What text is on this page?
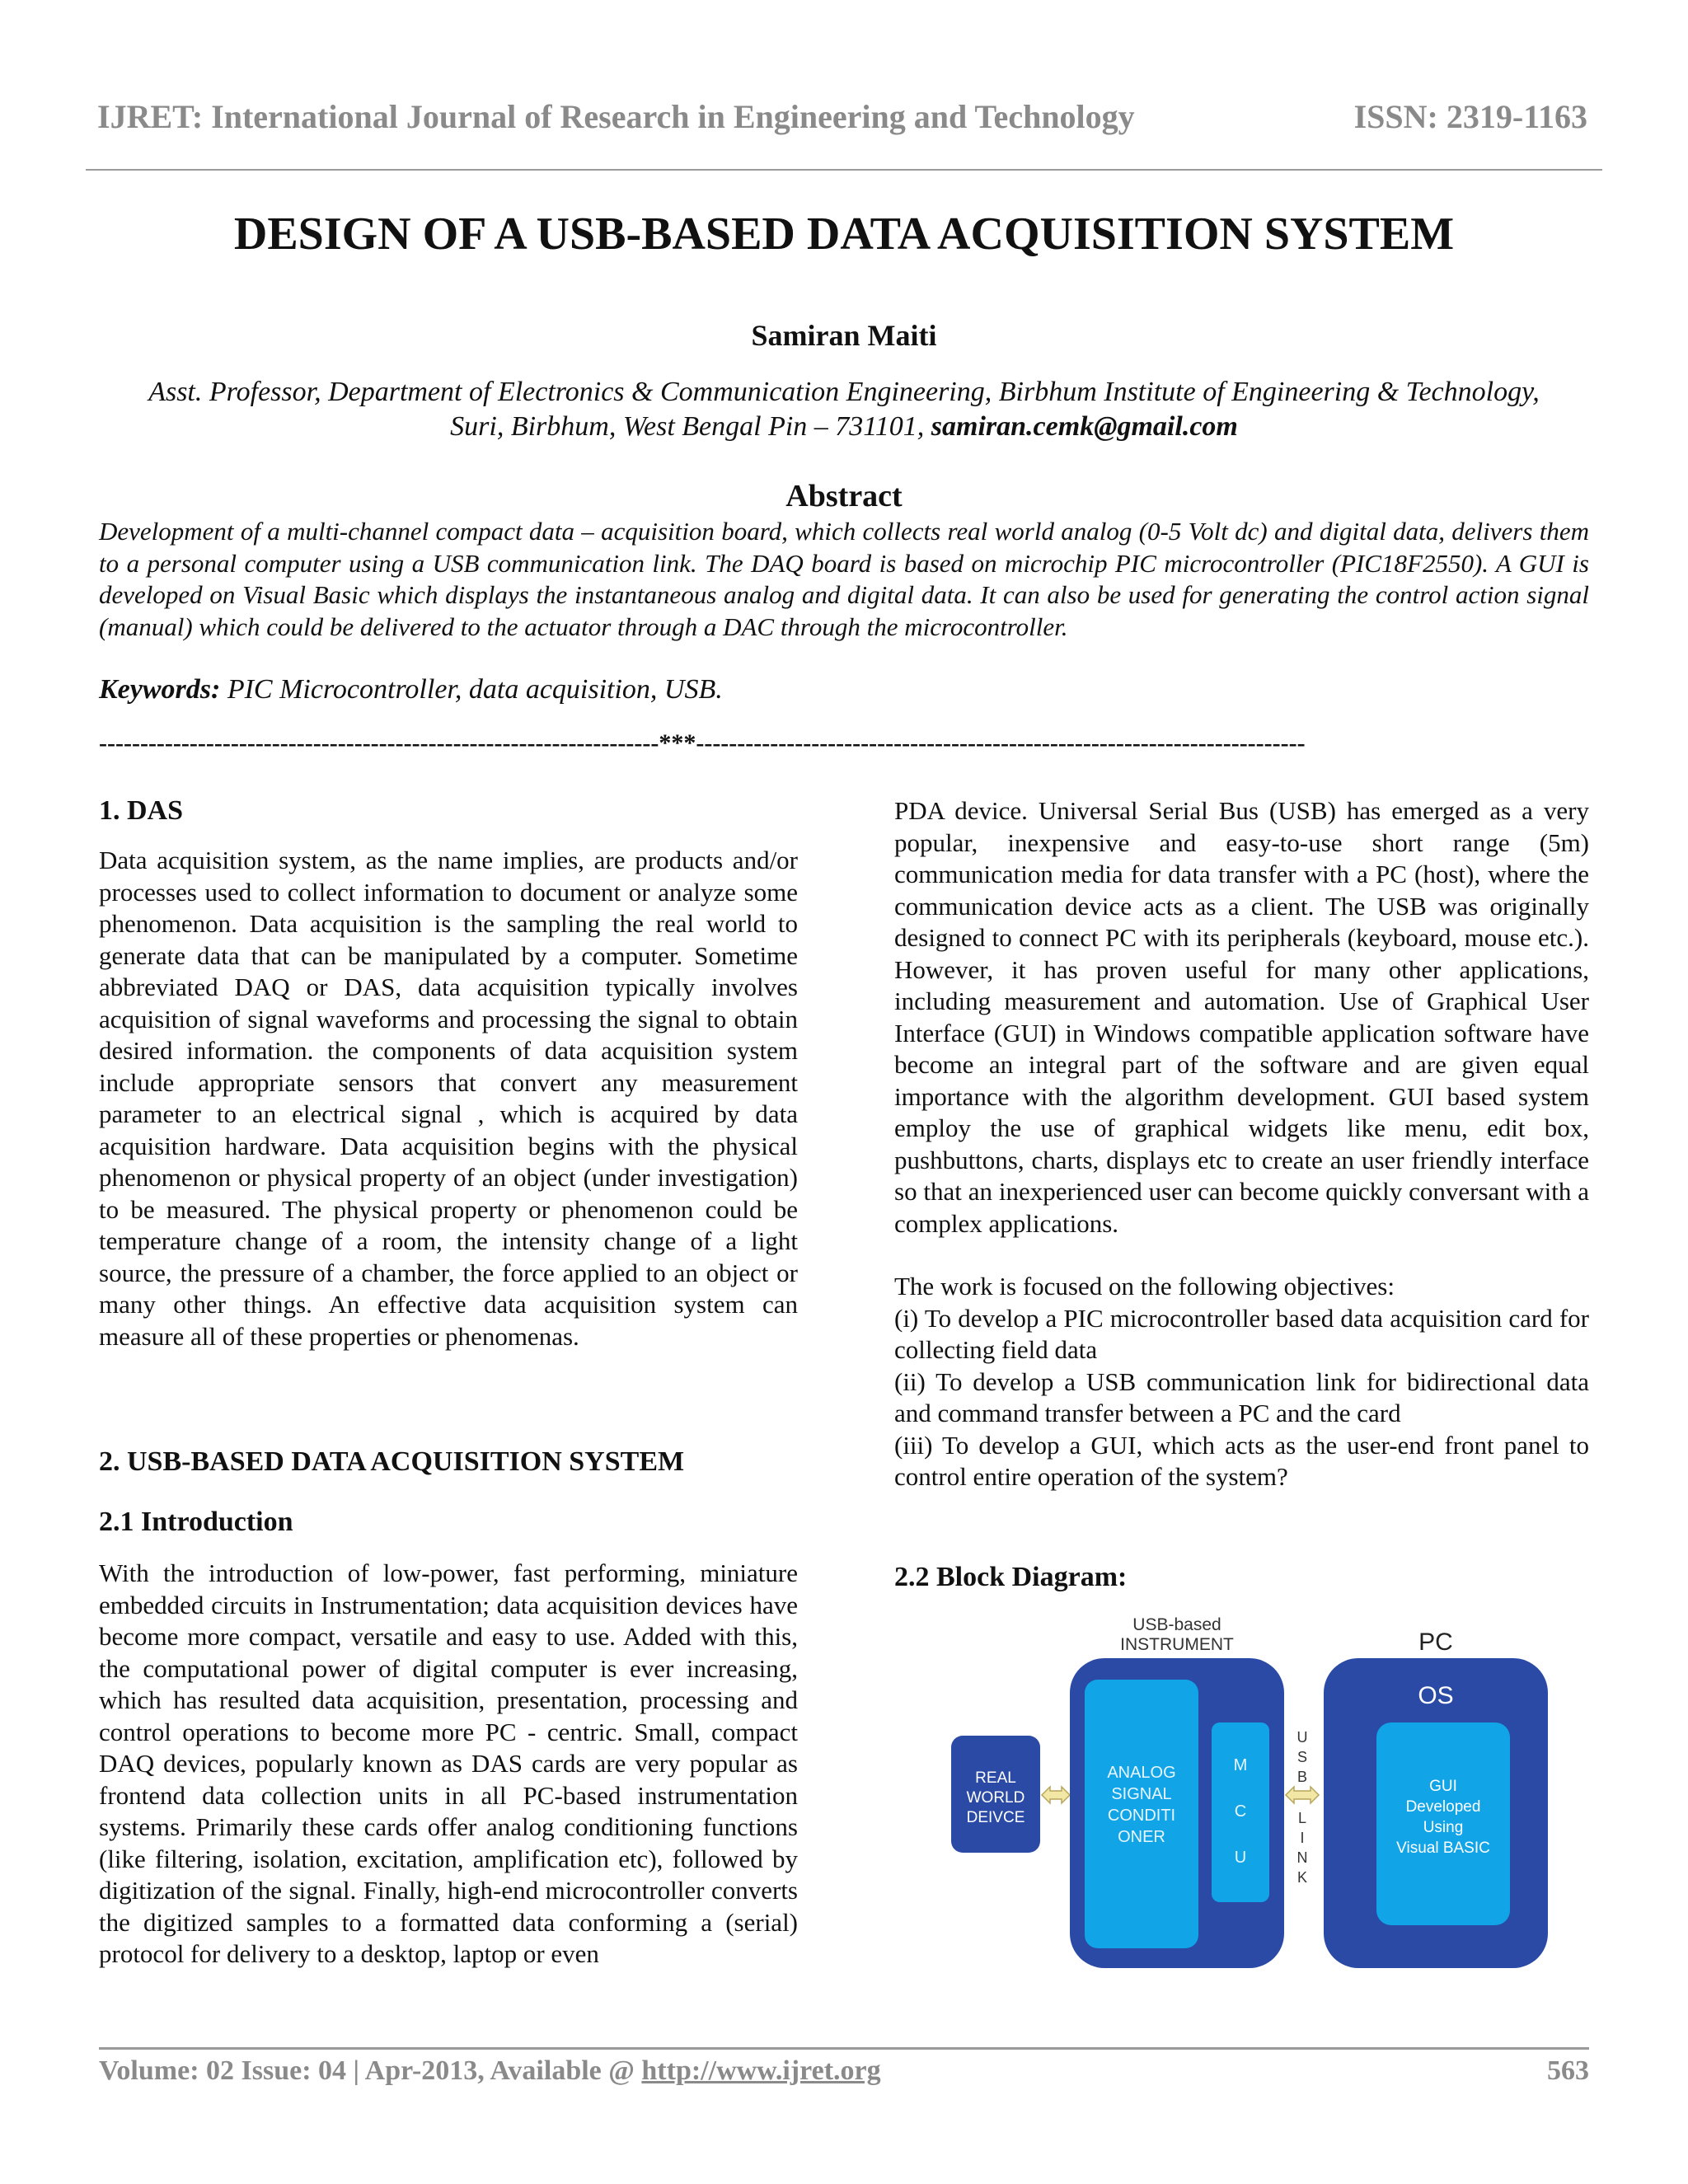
IJRET: International Journal of Research in Engineering and Technology	ISSN: 2319-1163
DESIGN OF A USB-BASED DATA ACQUISITION SYSTEM
Samiran Maiti
Asst. Professor, Department of Electronics & Communication Engineering, Birbhum Institute of Engineering & Technology, Suri, Birbhum, West Bengal Pin – 731101, samiran.cemk@gmail.com
Abstract
Development of a multi-channel compact data – acquisition board, which collects real world analog (0-5 Volt dc) and digital data, delivers them to a personal computer using a USB communication link. The DAQ board is based on microchip PIC microcontroller (PIC18F2550). A GUI is developed on Visual Basic which displays the instantaneous analog and digital data. It can also be used for generating the control action signal (manual) which could be delivered to the actuator through a DAC through the microcontroller.
Keywords: PIC Microcontroller, data acquisition, USB.
--------------------------------------------------------------------***--------------------------------------------------------------------------
1. DAS

Data acquisition system, as the name implies, are products and/or processes used to collect information to document or analyze some phenomenon. Data acquisition is the sampling the real world to generate data that can be manipulated by a computer. Sometime abbreviated DAQ or DAS, data acquisition typically involves acquisition of signal waveforms and processing the signal to obtain desired information. the components of data acquisition system include appropriate sensors that convert any measurement parameter to an electrical signal , which is acquired by data acquisition hardware. Data acquisition begins with the physical phenomenon or physical property of an object (under investigation) to be measured. The physical property or phenomenon could be temperature change of a room, the intensity change of a light source, the pressure of a chamber, the force applied to an object or many other things. An effective data acquisition system can measure all of these properties or phenomenas.

2. USB-BASED DATA ACQUISITION SYSTEM
2.1 Introduction

With the introduction of low-power, fast performing, miniature embedded circuits in Instrumentation; data acquisition devices have become more compact, versatile and easy to use. Added with this, the computational power of digital computer is ever increasing, which has resulted data acquisition, presentation, processing and control operations to become more PC - centric. Small, compact DAQ devices, popularly known as DAS cards are very popular as frontend data collection units in all PC-based instrumentation systems. Primarily these cards offer analog conditioning functions (like filtering, isolation, excitation, amplification etc), followed by digitization of the signal. Finally, high-end microcontroller converts the digitized samples to a formatted data conforming a (serial) protocol for delivery to a desktop, laptop or even

PDA device. Universal Serial Bus (USB) has emerged as a very popular, inexpensive and easy-to-use short range (5m) communication media for data transfer with a PC (host), where the communication device acts as a client. The USB was originally designed to connect PC with its peripherals (keyboard, mouse etc.). However, it has proven useful for many other applications, including measurement and automation. Use of Graphical User Interface (GUI) in Windows compatible application software have become an integral part of the software and are given equal importance with the algorithm development. GUI based system employ the use of graphical widgets like menu, edit box, pushbuttons, charts, displays etc to create an user friendly interface so that an inexperienced user can become quickly conversant with a complex applications.

The work is focused on the following objectives:

(i) To develop a PIC microcontroller based data acquisition card for collecting field data

(ii) To develop a USB communication link for bidirectional data and command transfer between a PC and the card

(iii) To develop a GUI, which acts as the user-end front panel to control entire operation of the system?

2.2 Block Diagram:
USB-based
INSTRUMENT	PC
REAL
WORLD
DEIVCE
ANALOG
SIGNAL
CONDITI
ONER
M
C
U
U
S
B
L
I
N
K
OS
GUI
Developed
Using
Visual BASIC
Volume: 02 Issue: 04 | Apr-2013, Available @ http://www.ijret.org	563
